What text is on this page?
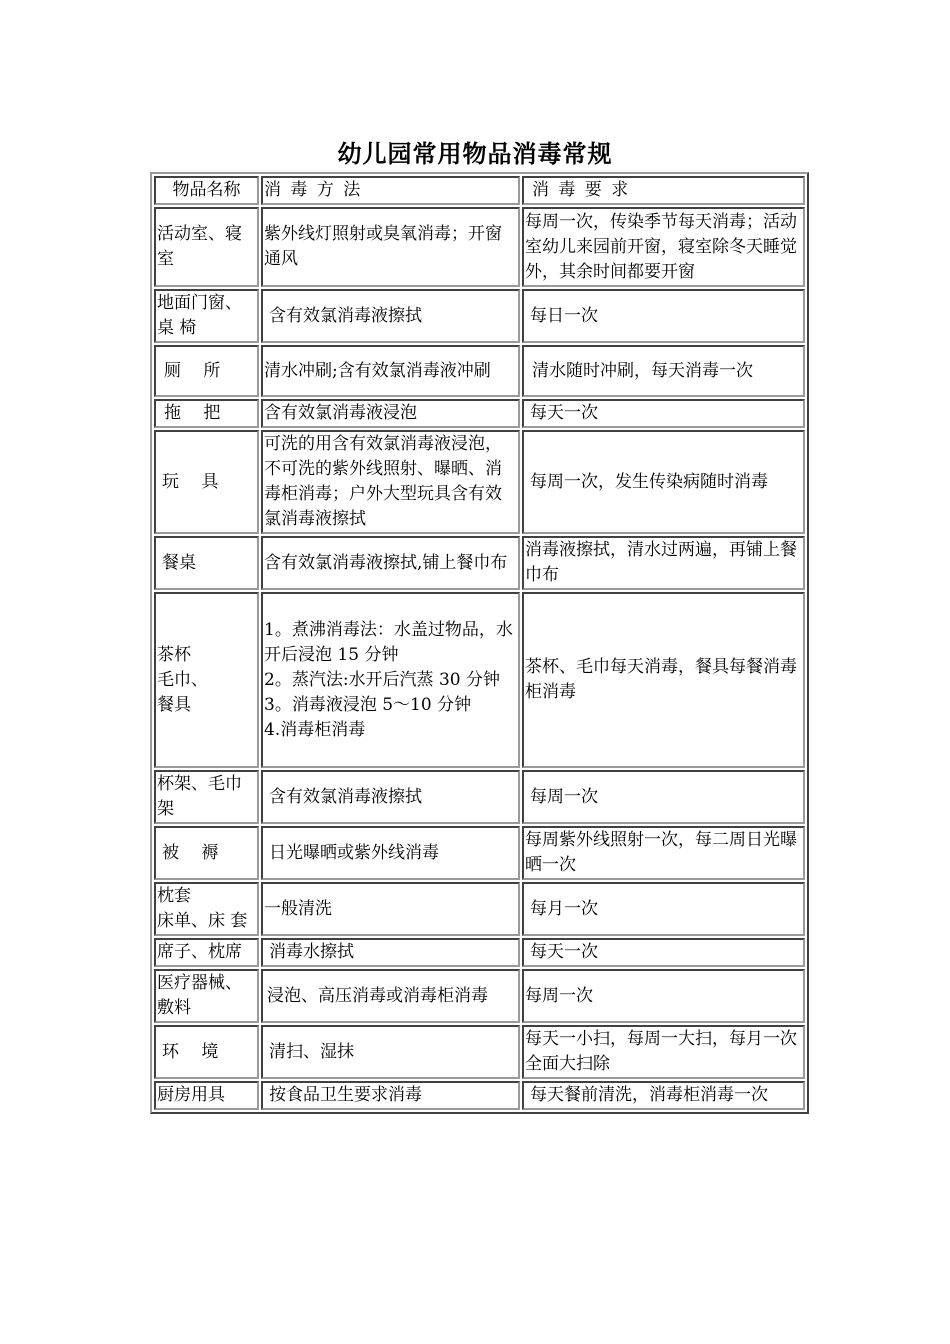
幼儿园常用物品消毒常规
物品名称	消 毒 方 法	消 毒 要 求
活动室、寝室	紫外线灯照射或臭氧消毒；开窗通风	每周一次，传染季节每天消毒；活动室幼儿来园前开窗，寝室除冬天睡觉外，其余时间都要开窗
地面门窗、桌 椅	含有效氯消毒液擦拭	每日一次
厕　 所	清水冲刷;含有效氯消毒液冲刷	清水随时冲刷，每天消毒一次
拖　 把	含有效氯消毒液浸泡	每天一次
玩　 具	可洗的用含有效氯消毒液浸泡，不可洗的紫外线照射、曝晒、消毒柜消毒；户外大型玩具含有效氯消毒液擦拭	每周一次，发生传染病随时消毒
餐桌	含有效氯消毒液擦拭,铺上餐巾布	消毒液擦拭，清水过两遍，再铺上餐巾布
茶杯
毛巾、
餐具	1。煮沸消毒法：水盖过物品，水开后浸泡 15 分钟
2。蒸汽法:水开后汽蒸 30 分钟
3。消毒液浸泡 5～10 分钟
4.消毒柜消毒	茶杯、毛巾每天消毒，餐具每餐消毒柜消毒
杯架、毛巾架	含有效氯消毒液擦拭	每周一次
被　 褥	日光曝晒或紫外线消毒	每周紫外线照射一次，每二周日光曝晒一次
枕套
床单、床 套	一般清洗	每月一次
席子、枕席	消毒水擦拭	每天一次
医疗器械、敷料	浸泡、高压消毒或消毒柜消毒	每周一次
环　 境	清扫、湿抹	每天一小扫，每周一大扫，每月一次全面大扫除
厨房用具	按食品卫生要求消毒	每天餐前清洗，消毒柜消毒一次
